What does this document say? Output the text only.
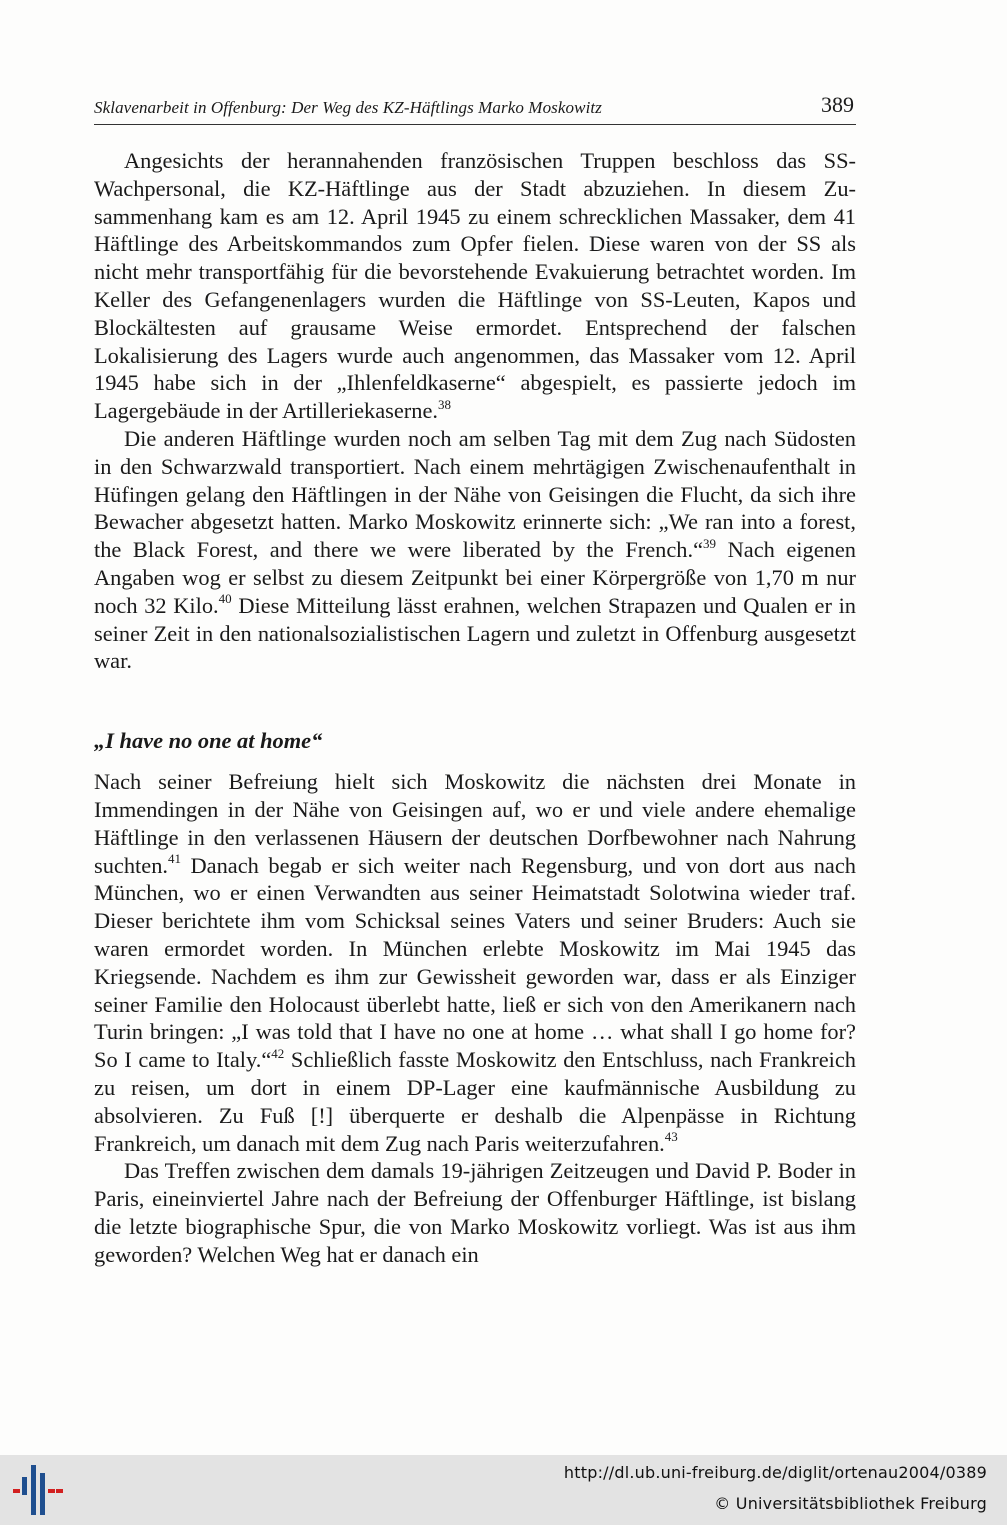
Sklavenarbeit in Offenburg: Der Weg des KZ-Häftlings Marko Moskowitz	389

Angesichts der herannahenden französischen Truppen beschloss das SS-Wachpersonal, die KZ-Häftlinge aus der Stadt abzuziehen. In diesem Zusammenhang kam es am 12. April 1945 zu einem schrecklichen Massaker, dem 41 Häftlinge des Arbeitskommandos zum Opfer fielen. Diese waren von der SS als nicht mehr transportfähig für die bevorstehende Evakuierung betrachtet worden. Im Keller des Gefangenenlagers wurden die Häftlinge von SS-Leuten, Kapos und Blockältesten auf grausame Weise ermordet. Entsprechend der falschen Lokalisierung des Lagers wurde auch angenommen, das Massaker vom 12. April 1945 habe sich in der „Ihlenfeldkaserne“ abgespielt, es passierte jedoch im Lagergebäude in der Artilleriekaserne.$^{38}$

Die anderen Häftlinge wurden noch am selben Tag mit dem Zug nach Südosten in den Schwarzwald transportiert. Nach einem mehrtägigen Zwischenaufenthalt in Hüfingen gelang den Häftlingen in der Nähe von Geisingen die Flucht, da sich ihre Bewacher abgesetzt hatten. Marko Moskowitz erinnerte sich: „We ran into a forest, the Black Forest, and there we were liberated by the French.“$^{39}$ Nach eigenen Angaben wog er selbst zu diesem Zeitpunkt bei einer Körpergröße von 1,70 m nur noch 32 Kilo.$^{40}$ Diese Mitteilung lässt erahnen, welchen Strapazen und Qualen er in seiner Zeit in den nationalsozialistischen Lagern und zuletzt in Offenburg ausgesetzt war.

„I have no one at home“

Nach seiner Befreiung hielt sich Moskowitz die nächsten drei Monate in Immendingen in der Nähe von Geisingen auf, wo er und viele andere ehemalige Häftlinge in den verlassenen Häusern der deutschen Dorfbewohner nach Nahrung suchten.$^{41}$ Danach begab er sich weiter nach Regensburg, und von dort aus nach München, wo er einen Verwandten aus seiner Heimatstadt Solotwina wieder traf. Dieser berichtete ihm vom Schicksal seines Vaters und seiner Bruders: Auch sie waren ermordet worden. In München erlebte Moskowitz im Mai 1945 das Kriegsende. Nachdem es ihm zur Gewissheit geworden war, dass er als Einziger seiner Familie den Holocaust überlebt hatte, ließ er sich von den Amerikanern nach Turin bringen: „I was told that I have no one at home … what shall I go home for? So I came to Italy.“$^{42}$ Schließlich fasste Moskowitz den Entschluss, nach Frankreich zu reisen, um dort in einem DP-Lager eine kaufmännische Ausbildung zu absolvieren. Zu Fuß [!] überquerte er deshalb die Alpenpässe in Richtung Frankreich, um danach mit dem Zug nach Paris weiterzufahren.$^{43}$

Das Treffen zwischen dem damals 19-jährigen Zeitzeugen und David P. Boder in Paris, eineinviertel Jahre nach der Befreiung der Offenburger Häftlinge, ist bislang die letzte biographische Spur, die von Marko Moskowitz vorliegt. Was ist aus ihm geworden? Welchen Weg hat er danach ein

http://dl.ub.uni-freiburg.de/diglit/ortenau2004/0389
© Universitätsbibliothek Freiburg
